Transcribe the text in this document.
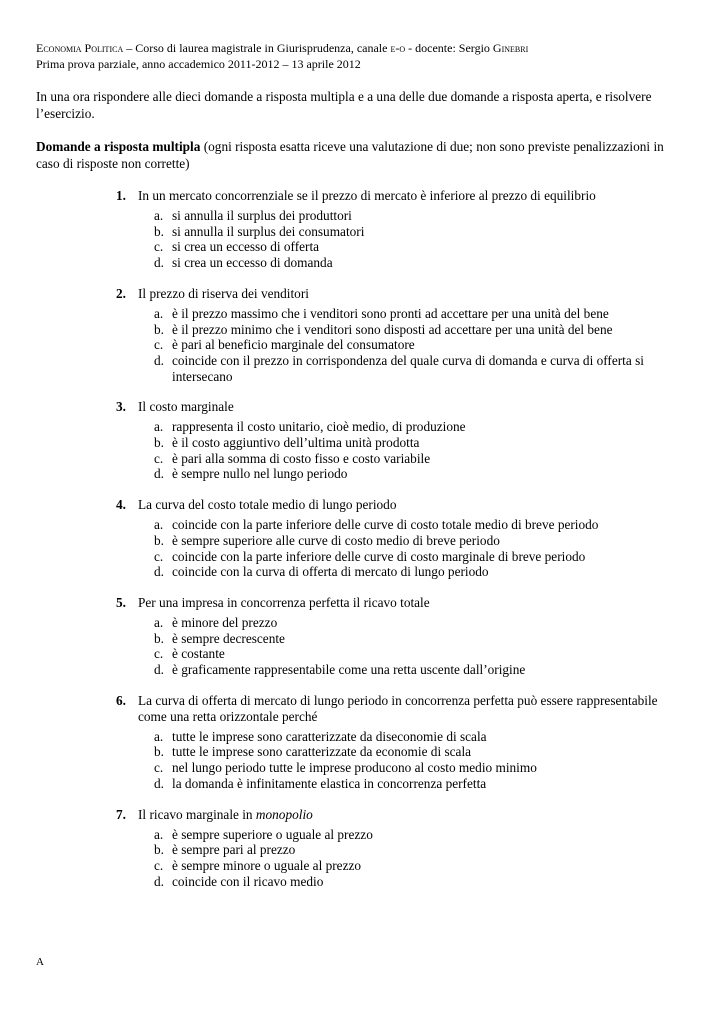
Economia Politica – Corso di laurea magistrale in Giurisprudenza, canale e-o - docente: Sergio Ginebri
Prima prova parziale, anno accademico 2011-2012 – 13 aprile 2012
In una ora rispondere alle dieci domande a risposta multipla e a una delle due domande a risposta aperta, e risolvere l’esercizio.
Domande a risposta multipla (ogni risposta esatta riceve una valutazione di due; non sono previste penalizzazioni in caso di risposte non corrette)
1. In un mercato concorrenziale se il prezzo di mercato è inferiore al prezzo di equilibrio
a. si annulla il surplus dei produttori
b. si annulla il surplus dei consumatori
c. si crea un eccesso di offerta
d. si crea un eccesso di domanda
2. Il prezzo di riserva dei venditori
a. è il prezzo massimo che i venditori sono pronti ad accettare per una unità del bene
b. è il prezzo minimo che i venditori sono disposti ad accettare per una unità del bene
c. è pari al beneficio marginale del consumatore
d. coincide con il prezzo in corrispondenza del quale curva di domanda e curva di offerta si intersecano
3. Il costo marginale
a. rappresenta il costo unitario, cioè medio, di produzione
b. è il costo aggiuntivo dell’ultima unità prodotta
c. è pari alla somma di costo fisso e costo variabile
d. è sempre nullo nel lungo periodo
4. La curva del costo totale medio di lungo periodo
a. coincide con la parte inferiore delle curve di costo totale medio di breve periodo
b. è sempre superiore alle curve di costo medio di breve periodo
c. coincide con la parte inferiore delle curve di costo marginale di breve periodo
d. coincide con la curva di offerta di mercato di lungo periodo
5. Per una impresa in concorrenza perfetta il ricavo totale
a. è minore del prezzo
b. è sempre decrescente
c. è costante
d. è graficamente rappresentabile come una retta uscente dall’origine
6. La curva di offerta di mercato di lungo periodo in concorrenza perfetta può essere rappresentabile come una retta orizzontale perché
a. tutte le imprese sono caratterizzate da diseconomie di scala
b. tutte le imprese sono caratterizzate da economie di scala
c. nel lungo periodo tutte le imprese producono al costo medio minimo
d. la domanda è infinitamente elastica in concorrenza perfetta
7. Il ricavo marginale in monopolio
a. è sempre superiore o uguale al prezzo
b. è sempre pari al prezzo
c. è sempre minore o uguale al prezzo
d. coincide con il ricavo medio
A
